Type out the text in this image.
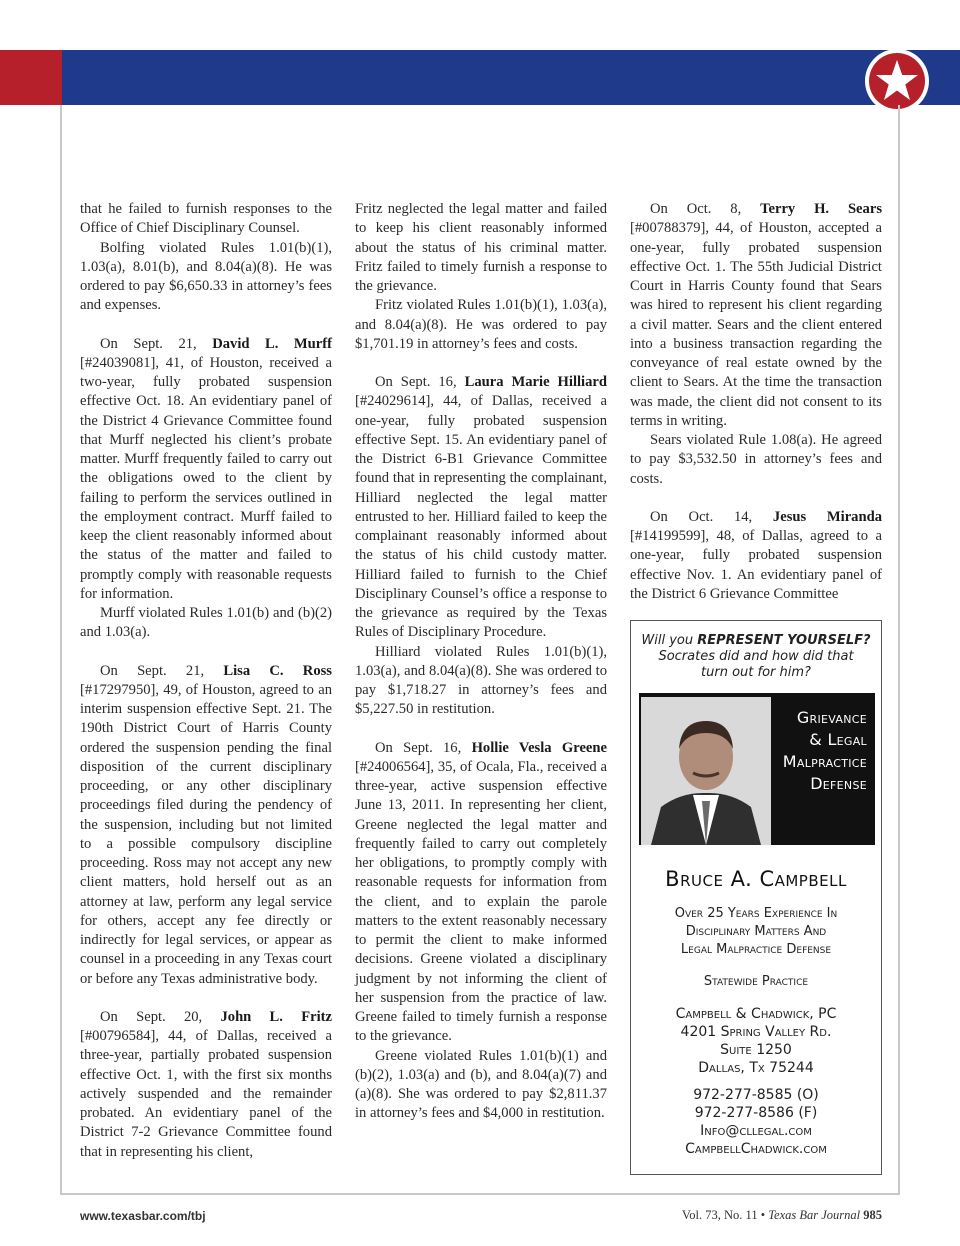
that he failed to furnish responses to the Office of Chief Disciplinary Counsel.

Bolfing violated Rules 1.01(b)(1), 1.03(a), 8.01(b), and 8.04(a)(8). He was ordered to pay $6,650.33 in attorney’s fees and expenses.

On Sept. 21, David L. Murff [#24039081], 41, of Houston, received a two-year, fully probated suspension effective Oct. 18. An evidentiary panel of the District 4 Grievance Committee found that Murff neglected his client’s probate matter. Murff frequently failed to carry out the obligations owed to the client by failing to perform the services outlined in the employment contract. Murff failed to keep the client reasonably informed about the status of the matter and failed to promptly comply with reasonable requests for information.

Murff violated Rules 1.01(b) and (b)(2) and 1.03(a).

On Sept. 21, Lisa C. Ross [#17297950], 49, of Houston, agreed to an interim suspension effective Sept. 21. The 190th District Court of Harris County ordered the suspension pending the final disposition of the current disciplinary proceeding, or any other disciplinary proceedings filed during the pendency of the suspension, including but not limited to a possible compulsory discipline proceeding. Ross may not accept any new client matters, hold herself out as an attorney at law, perform any legal service for others, accept any fee directly or indirectly for legal services, or appear as counsel in a proceeding in any Texas court or before any Texas administrative body.

On Sept. 20, John L. Fritz [#00796584], 44, of Dallas, received a three-year, partially probated suspension effective Oct. 1, with the first six months actively suspended and the remainder probated. An evidentiary panel of the District 7-2 Grievance Committee found that in representing his client,

Fritz neglected the legal matter and failed to keep his client reasonably informed about the status of his criminal matter. Fritz failed to timely furnish a response to the grievance.

Fritz violated Rules 1.01(b)(1), 1.03(a), and 8.04(a)(8). He was ordered to pay $1,701.19 in attorney’s fees and costs.

On Sept. 16, Laura Marie Hilliard [#24029614], 44, of Dallas, received a one-year, fully probated suspension effective Sept. 15. An evidentiary panel of the District 6-B1 Grievance Committee found that in representing the complainant, Hilliard neglected the legal matter entrusted to her. Hilliard failed to keep the complainant reasonably informed about the status of his child custody matter. Hilliard failed to furnish to the Chief Disciplinary Counsel’s office a response to the grievance as required by the Texas Rules of Disciplinary Procedure.

Hilliard violated Rules 1.01(b)(1), 1.03(a), and 8.04(a)(8). She was ordered to pay $1,718.27 in attorney’s fees and $5,227.50 in restitution.

On Sept. 16, Hollie Vesla Greene [#24006564], 35, of Ocala, Fla., received a three-year, active suspension effective June 13, 2011. In representing her client, Greene neglected the legal matter and frequently failed to carry out completely her obligations, to promptly comply with reasonable requests for information from the client, and to explain the parole matters to the extent reasonably necessary to permit the client to make informed decisions. Greene violated a disciplinary judgment by not informing the client of her suspension from the practice of law. Greene failed to timely furnish a response to the grievance.

Greene violated Rules 1.01(b)(1) and (b)(2), 1.03(a) and (b), and 8.04(a)(7) and (a)(8). She was ordered to pay $2,811.37 in attorney’s fees and $4,000 in restitution.

On Oct. 8, Terry H. Sears [#00788379], 44, of Houston, accepted a one-year, fully probated suspension effective Oct. 1. The 55th Judicial District Court in Harris County found that Sears was hired to represent his client regarding a civil matter. Sears and the client entered into a business transaction regarding the conveyance of real estate owned by the client to Sears. At the time the transaction was made, the client did not consent to its terms in writing.

Sears violated Rule 1.08(a). He agreed to pay $3,532.50 in attorney’s fees and costs.

On Oct. 14, Jesus Miranda [#14199599], 48, of Dallas, agreed to a one-year, fully probated suspension effective Nov. 1. An evidentiary panel of the District 6 Grievance Committee

Will you REPRESENT YOURSELF?
Socrates did and how did that
turn out for him?
Grievance
& Legal
Malpractice
Defense
Bruce A. Campbell
Over 25 Years Experience In
Disciplinary Matters And
Legal Malpractice Defense
Statewide Practice
Campbell & Chadwick, PC
4201 Spring Valley Rd.
Suite 1250
Dallas, Tx 75244
972-277-8585 (O)
972-277-8586 (F)
Info@cllegal.com
CampbellChadwick.com
www.texasbar.com/tbj	Vol. 73, No. 11 • Texas Bar Journal 985
